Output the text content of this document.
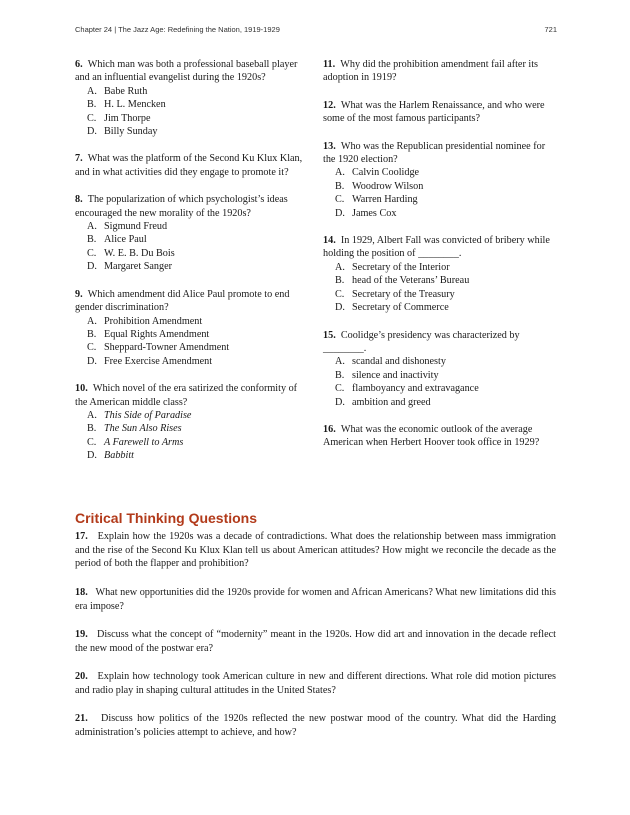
Chapter 24 | The Jazz Age: Redefining the Nation, 1919-1929	721
6. Which man was both a professional baseball player and an influential evangelist during the 1920s?
A. Babe Ruth
B. H. L. Mencken
C. Jim Thorpe
D. Billy Sunday
7. What was the platform of the Second Ku Klux Klan, and in what activities did they engage to promote it?
8. The popularization of which psychologist’s ideas encouraged the new morality of the 1920s?
A. Sigmund Freud
B. Alice Paul
C. W. E. B. Du Bois
D. Margaret Sanger
9. Which amendment did Alice Paul promote to end gender discrimination?
A. Prohibition Amendment
B. Equal Rights Amendment
C. Sheppard-Towner Amendment
D. Free Exercise Amendment
10. Which novel of the era satirized the conformity of the American middle class?
A. This Side of Paradise
B. The Sun Also Rises
C. A Farewell to Arms
D. Babbitt
11. Why did the prohibition amendment fail after its adoption in 1919?
12. What was the Harlem Renaissance, and who were some of the most famous participants?
13. Who was the Republican presidential nominee for the 1920 election?
A. Calvin Coolidge
B. Woodrow Wilson
C. Warren Harding
D. James Cox
14. In 1929, Albert Fall was convicted of bribery while holding the position of ________.
A. Secretary of the Interior
B. head of the Veterans’ Bureau
C. Secretary of the Treasury
D. Secretary of Commerce
15. Coolidge’s presidency was characterized by ________.
A. scandal and dishonesty
B. silence and inactivity
C. flamboyancy and extravagance
D. ambition and greed
16. What was the economic outlook of the average American when Herbert Hoover took office in 1929?
Critical Thinking Questions
17. Explain how the 1920s was a decade of contradictions. What does the relationship between mass immigration and the rise of the Second Ku Klux Klan tell us about American attitudes? How might we reconcile the decade as the period of both the flapper and prohibition?
18. What new opportunities did the 1920s provide for women and African Americans? What new limitations did this era impose?
19. Discuss what the concept of “modernity” meant in the 1920s. How did art and innovation in the decade reflect the new mood of the postwar era?
20. Explain how technology took American culture in new and different directions. What role did motion pictures and radio play in shaping cultural attitudes in the United States?
21. Discuss how politics of the 1920s reflected the new postwar mood of the country. What did the Harding administration’s policies attempt to achieve, and how?
